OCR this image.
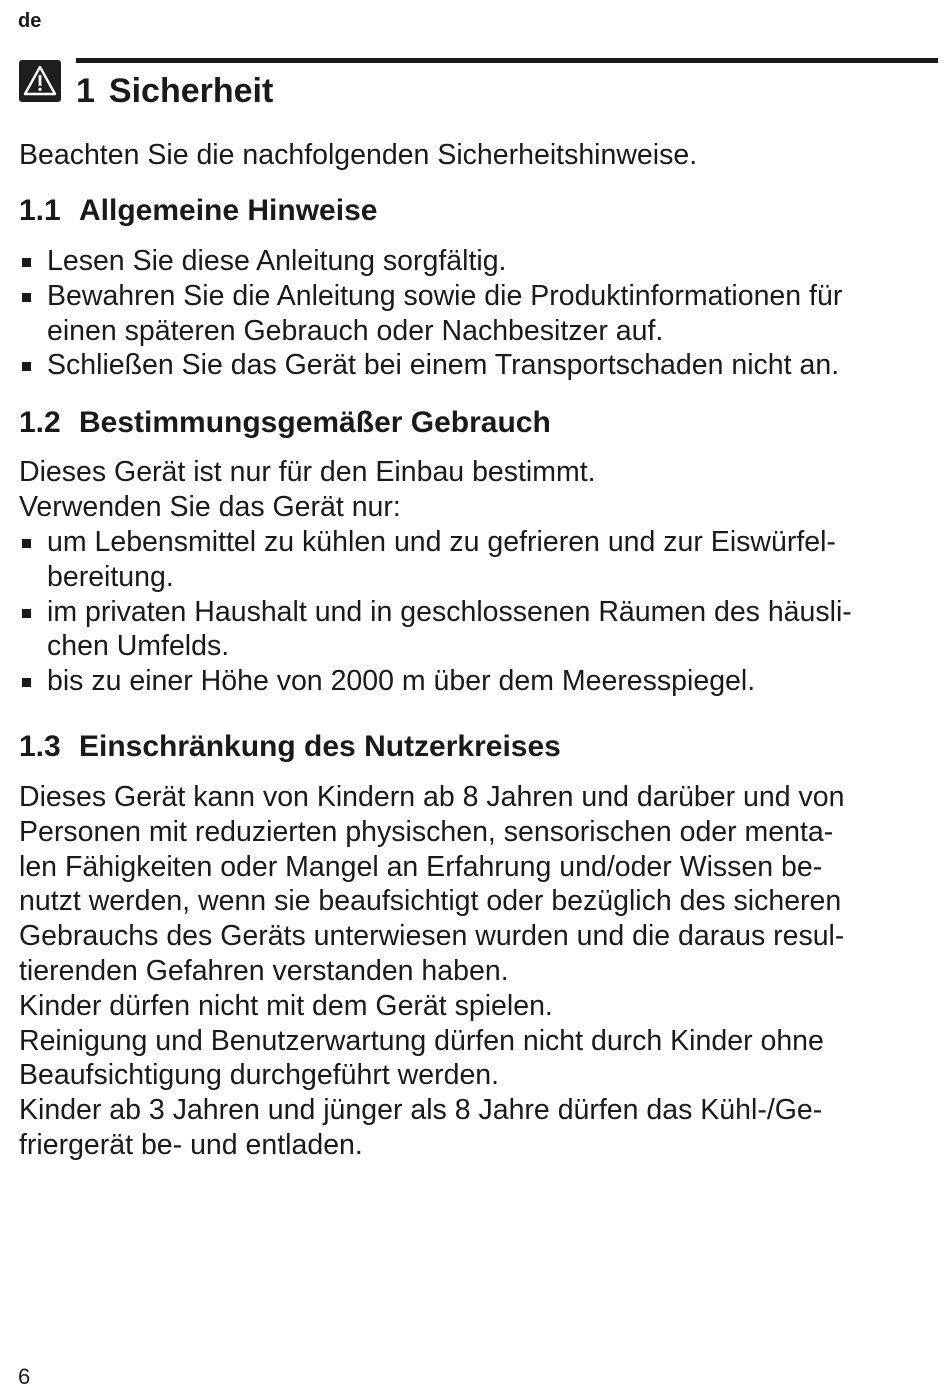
de
1 Sicherheit

Beachten Sie die nachfolgenden Sicherheitshinweise.

1.1 Allgemeine Hinweise
Lesen Sie diese Anleitung sorgfältig.
Bewahren Sie die Anleitung sowie die Produktinformationen für
einen späteren Gebrauch oder Nachbesitzer auf.
Schließen Sie das Gerät bei einem Transportschaden nicht an.
1.2 Bestimmungsgemäßer Gebrauch

Dieses Gerät ist nur für den Einbau bestimmt.
Verwenden Sie das Gerät nur:

um Lebensmittel zu kühlen und zu gefrieren und zur Eiswürfel-
bereitung.
im privaten Haushalt und in geschlossenen Räumen des häusli-
chen Umfelds.
bis zu einer Höhe von 2000 m über dem Meeresspiegel.
1.3 Einschränkung des Nutzerkreises

Dieses Gerät kann von Kindern ab 8 Jahren und darüber und von
Personen mit reduzierten physischen, sensorischen oder menta-
len Fähigkeiten oder Mangel an Erfahrung und/oder Wissen be-
nutzt werden, wenn sie beaufsichtigt oder bezüglich des sicheren
Gebrauchs des Geräts unterwiesen wurden und die daraus resul-
tierenden Gefahren verstanden haben.
Kinder dürfen nicht mit dem Gerät spielen.
Reinigung und Benutzerwartung dürfen nicht durch Kinder ohne
Beaufsichtigung durchgeführt werden.
Kinder ab 3 Jahren und jünger als 8 Jahre dürfen das Kühl-/Ge-
friergerät be- und entladen.

6
